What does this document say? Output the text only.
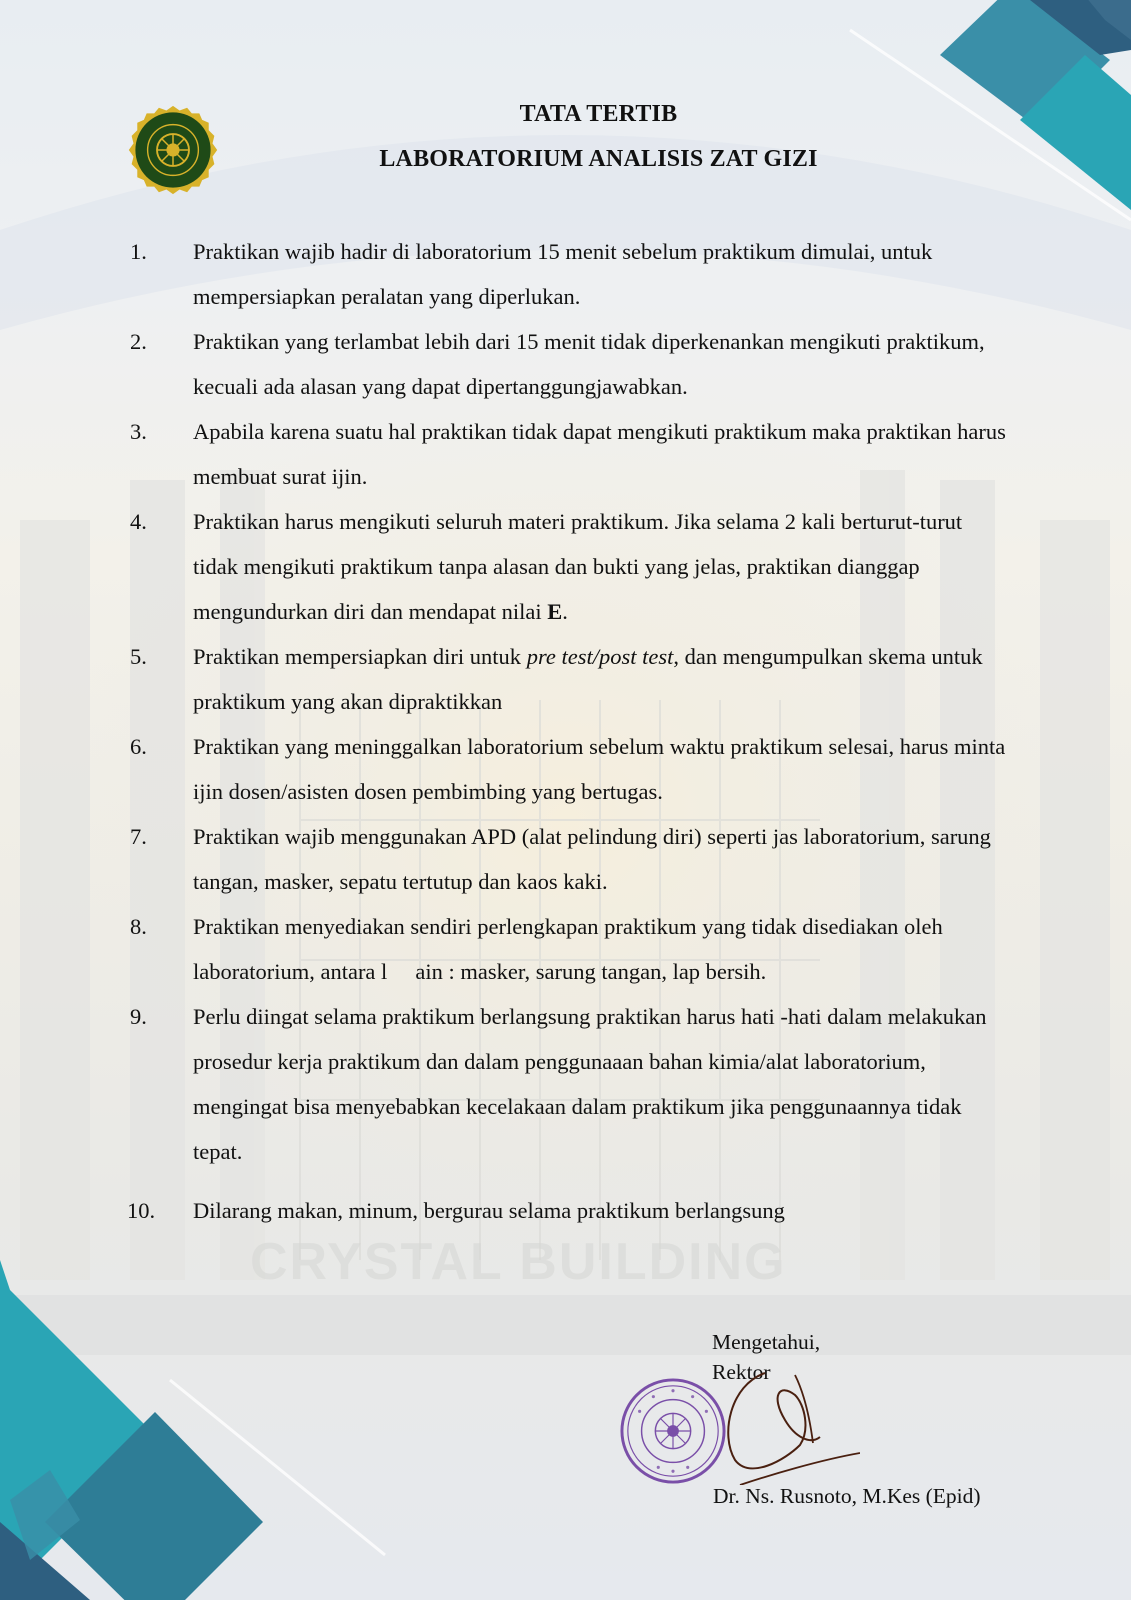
CRYSTAL BUILDING
TATA TERTIB
LABORATORIUM ANALISIS ZAT GIZI
1. Praktikan wajib hadir di laboratorium 15 menit sebelum praktikum dimulai, untuk mempersiapkan peralatan yang diperlukan.
2. Praktikan yang terlambat lebih dari 15 menit tidak diperkenankan mengikuti praktikum, kecuali ada alasan yang dapat dipertanggungjawabkan.
3. Apabila karena suatu hal praktikan tidak dapat mengikuti praktikum maka praktikan harus membuat surat ijin.
4. Praktikan harus mengikuti seluruh materi praktikum. Jika selama 2 kali berturut-turut tidak mengikuti praktikum tanpa alasan dan bukti yang jelas, praktikan dianggap mengundurkan diri dan mendapat nilai E.
5. Praktikan mempersiapkan diri untuk pre test/post test, dan mengumpulkan skema untuk praktikum yang akan dipraktikkan
6. Praktikan yang meninggalkan laboratorium sebelum waktu praktikum selesai, harus minta ijin dosen/asisten dosen pembimbing yang bertugas.
7. Praktikan wajib menggunakan APD (alat pelindung diri) seperti jas laboratorium, sarung tangan, masker, sepatu tertutup dan kaos kaki.
8. Praktikan menyediakan sendiri perlengkapan praktikum yang tidak disediakan oleh laboratorium, antara l     ain : masker, sarung tangan, lap bersih.
9. Perlu diingat selama praktikum berlangsung praktikan harus hati -hati dalam melakukan prosedur kerja praktikum dan dalam penggunaaan bahan kimia/alat laboratorium, mengingat bisa menyebabkan kecelakaan dalam praktikum jika penggunaannya tidak tepat.
10. Dilarang makan, minum, bergurau selama praktikum berlangsung
Mengetahui,
Rektor
Dr. Ns. Rusnoto, M.Kes (Epid)
